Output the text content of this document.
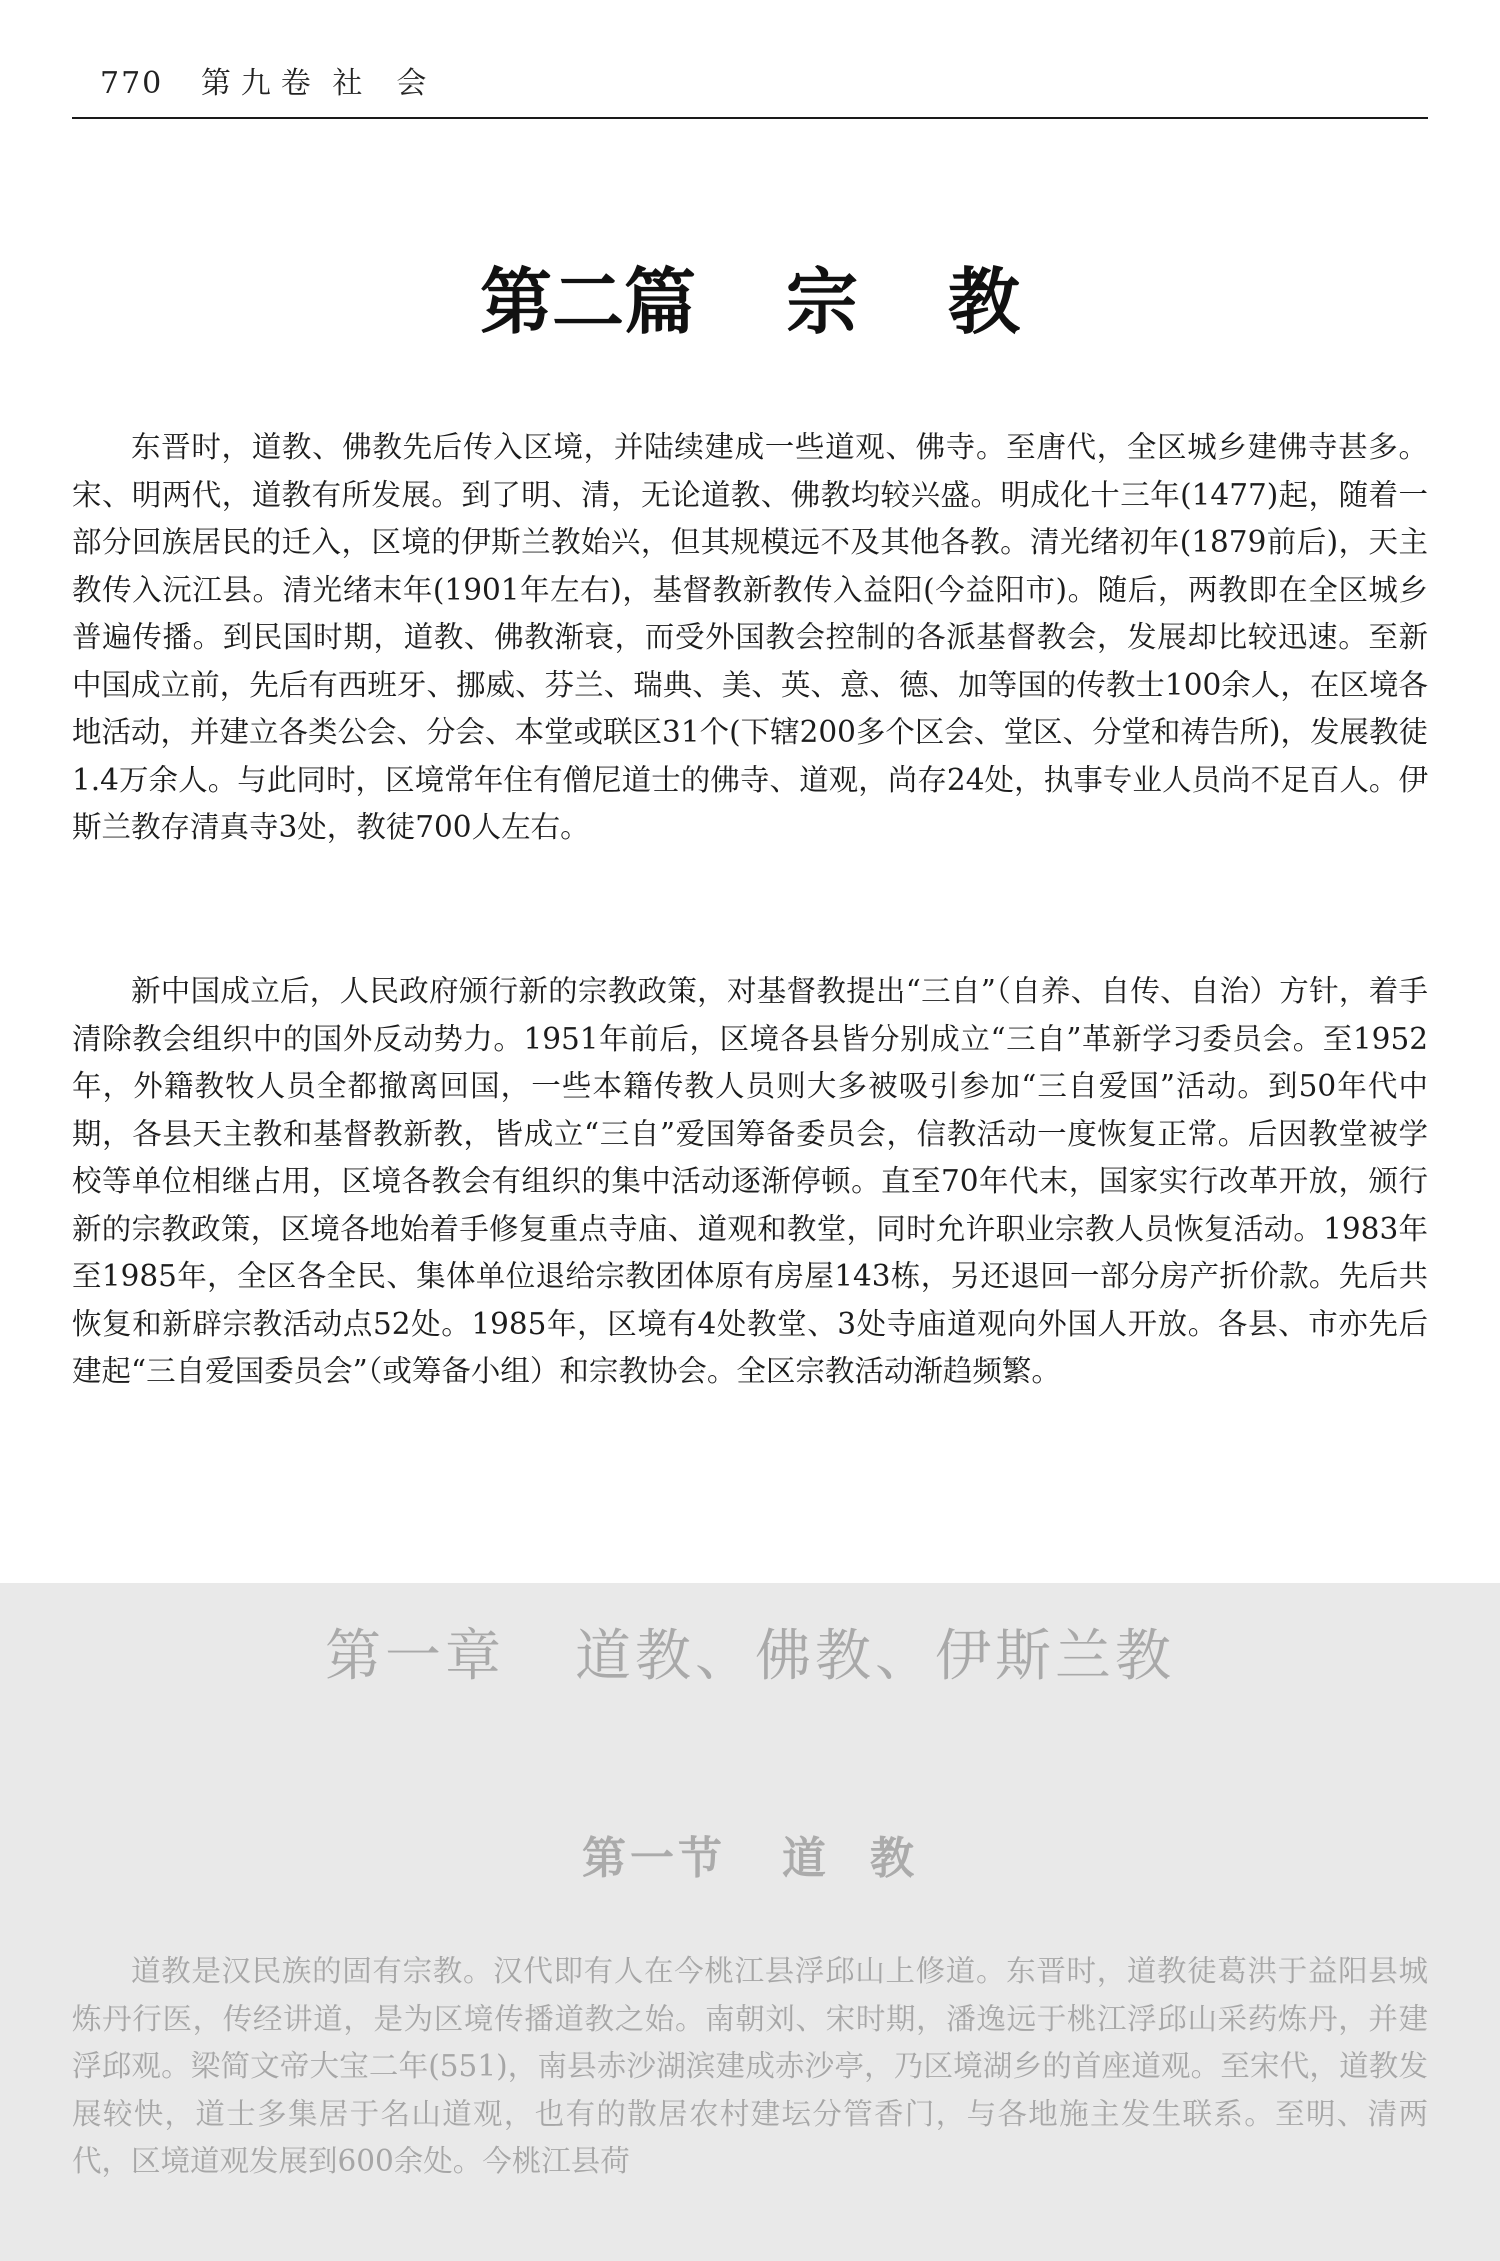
770 第九卷 社　会
第二篇 宗 教

东晋时，道教、佛教先后传入区境，并陆续建成一些道观、佛寺。至唐代，全区城乡建佛寺甚多。宋、明两代，道教有所发展。到了明、清，无论道教、佛教均较兴盛。明成化十三年(1477)起，随着一部分回族居民的迁入，区境的伊斯兰教始兴，但其规模远不及其他各教。清光绪初年(1879前后)，天主教传入沅江县。清光绪末年(1901年左右)，基督教新教传入益阳(今益阳市)。随后，两教即在全区城乡普遍传播。到民国时期，道教、佛教渐衰，而受外国教会控制的各派基督教会，发展却比较迅速。至新中国成立前，先后有西班牙、挪威、芬兰、瑞典、美、英、意、德、加等国的传教士100余人，在区境各地活动，并建立各类公会、分会、本堂或联区31个(下辖200多个区会、堂区、分堂和祷告所)，发展教徒1.4万余人。与此同时，区境常年住有僧尼道士的佛寺、道观，尚存24处，执事专业人员尚不足百人。伊斯兰教存清真寺3处，教徒700人左右。

新中国成立后，人民政府颁行新的宗教政策，对基督教提出“三自”（自养、自传、自治）方针，着手清除教会组织中的国外反动势力。1951年前后，区境各县皆分别成立“三自”革新学习委员会。至1952年，外籍教牧人员全都撤离回国，一些本籍传教人员则大多被吸引参加“三自爱国”活动。到50年代中期，各县天主教和基督教新教，皆成立“三自”爱国筹备委员会，信教活动一度恢复正常。后因教堂被学校等单位相继占用，区境各教会有组织的集中活动逐渐停顿。直至70年代末，国家实行改革开放，颁行新的宗教政策，区境各地始着手修复重点寺庙、道观和教堂，同时允许职业宗教人员恢复活动。1983年至1985年，全区各全民、集体单位退给宗教团体原有房屋143栋，另还退回一部分房产折价款。先后共恢复和新辟宗教活动点52处。1985年，区境有4处教堂、3处寺庙道观向外国人开放。各县、市亦先后建起“三自爱国委员会”（或筹备小组）和宗教协会。全区宗教活动渐趋频繁。

第一章 道教、佛教、伊斯兰教
第一节 道 教

道教是汉民族的固有宗教。汉代即有人在今桃江县浮邱山上修道。东晋时，道教徒葛洪于益阳县城炼丹行医，传经讲道，是为区境传播道教之始。南朝刘、宋时期，潘逸远于桃江浮邱山采药炼丹，并建浮邱观。梁简文帝大宝二年(551)，南县赤沙湖滨建成赤沙亭，乃区境湖乡的首座道观。至宋代，道教发展较快，道士多集居于名山道观，也有的散居农村建坛分管香门，与各地施主发生联系。至明、清两代，区境道观发展到600余处。今桃江县荷
